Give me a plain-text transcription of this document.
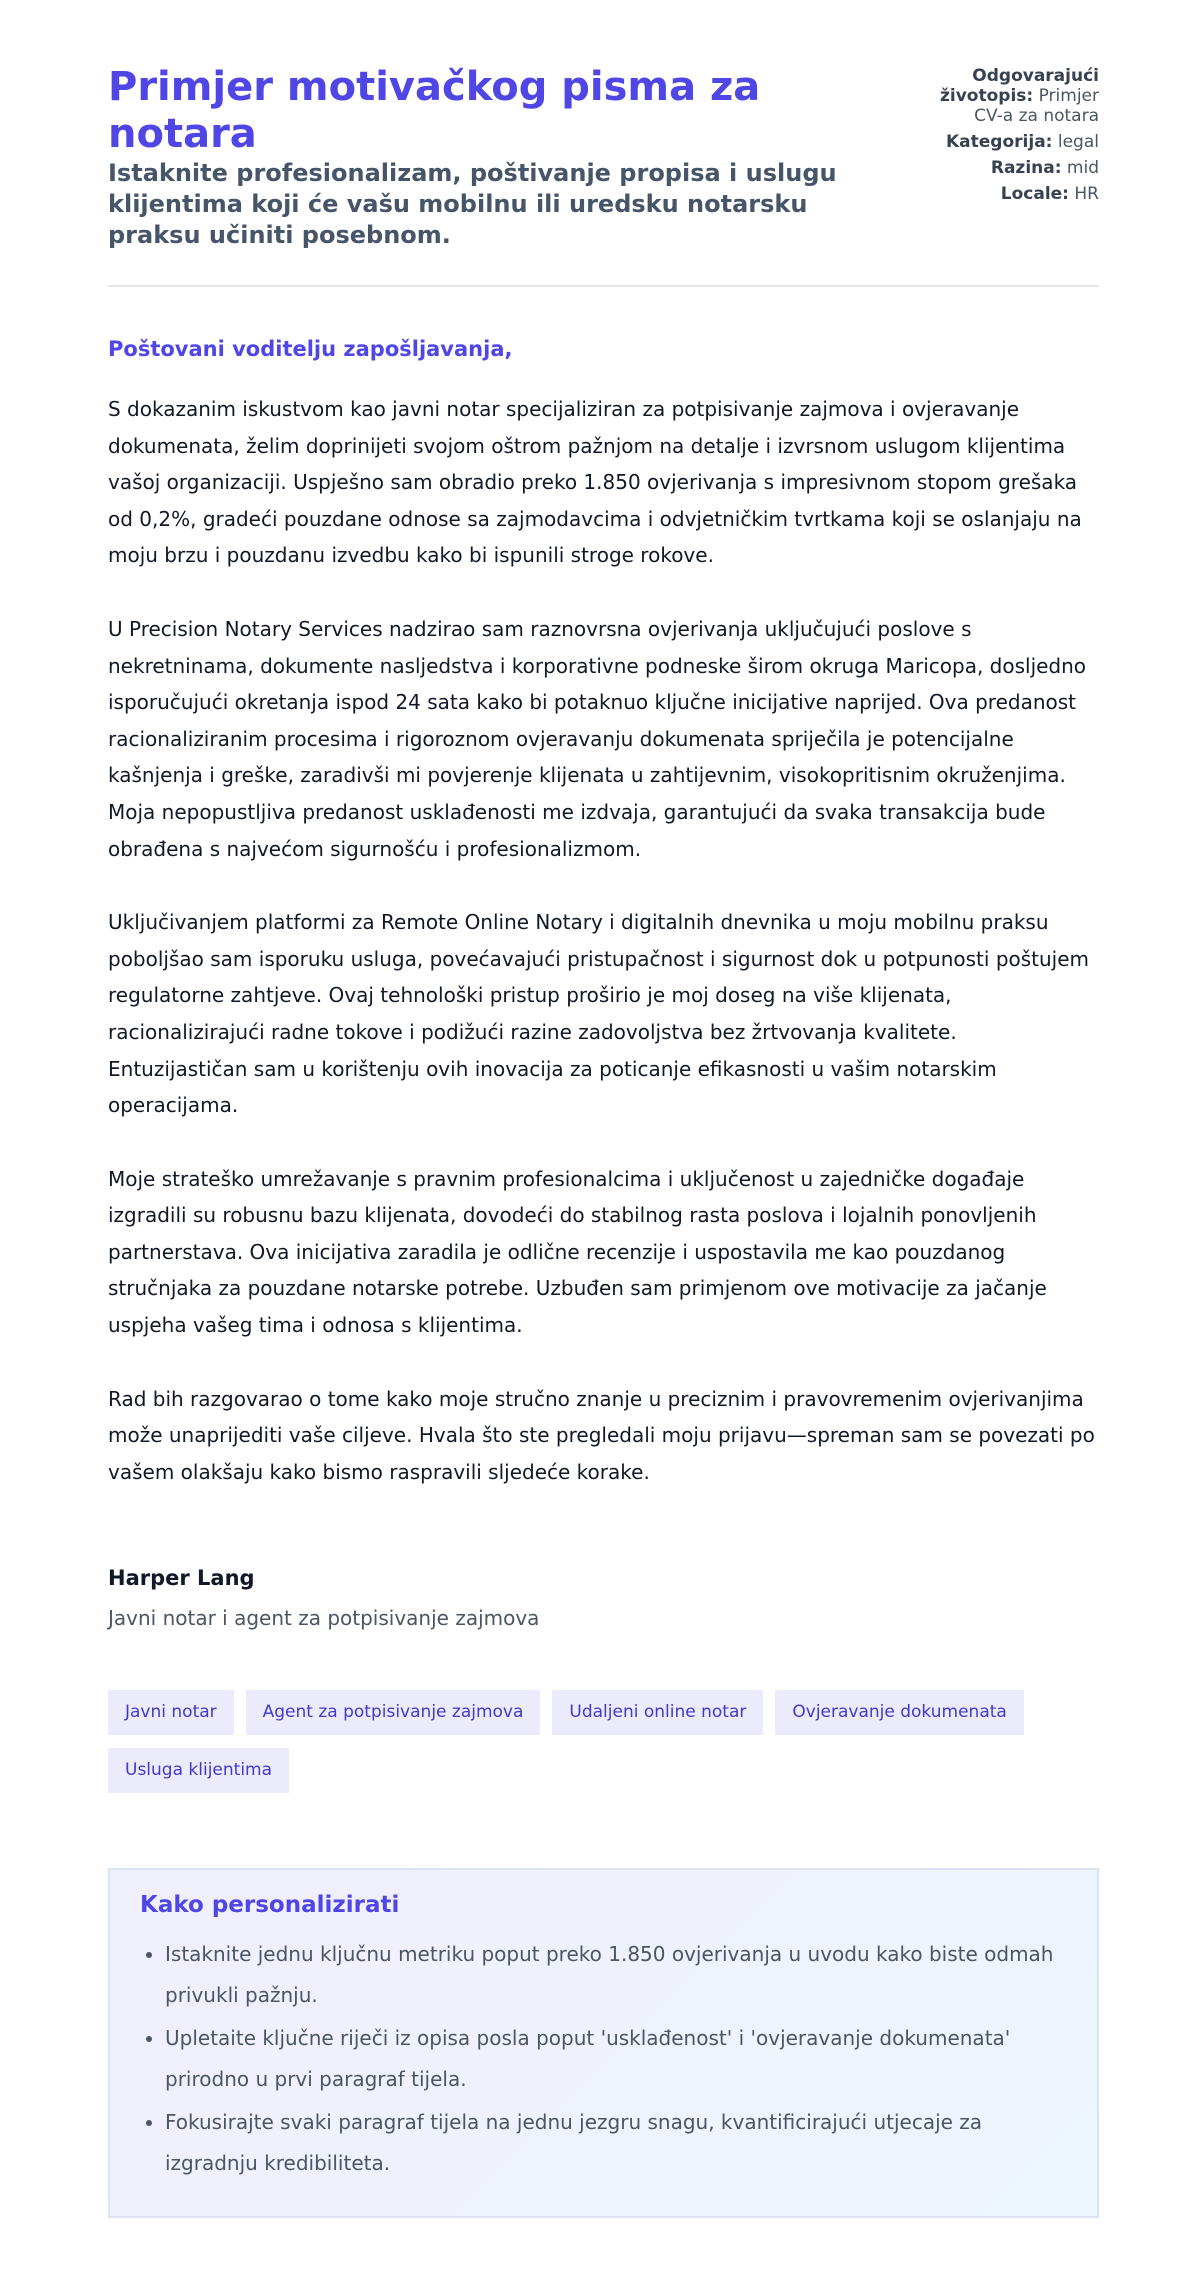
Primjer motivačkog pisma za notara
Istaknite profesionalizam, poštivanje propisa i uslugu klijentima koji će vašu mobilnu ili uredsku notarsku praksu učiniti posebnom.
Odgovarajući životopis: Primjer CV-a za notara
Kategorija: legal
Razina: mid
Locale: HR
Poštovani voditelju zapošljavanja,

S dokazanim iskustvom kao javni notar specijaliziran za potpisivanje zajmova i ovjeravanje dokumenata, želim doprinijeti svojom oštrom pažnjom na detalje i izvrsnom uslugom klijentima vašoj organizaciji. Uspješno sam obradio preko 1.850 ovjerivanja s impresivnom stopom grešaka od 0,2%, gradeći pouzdane odnose sa zajmodavcima i odvjetničkim tvrtkama koji se oslanjaju na moju brzu i pouzdanu izvedbu kako bi ispunili stroge rokove.

U Precision Notary Services nadzirao sam raznovrsna ovjerivanja uključujući poslove s nekretninama, dokumente nasljedstva i korporativne podneske širom okruga Maricopa, dosljedno isporučujući okretanja ispod 24 sata kako bi potaknuo ključne inicijative naprijed. Ova predanost racionaliziranim procesima i rigoroznom ovjeravanju dokumenata spriječila je potencijalne kašnjenja i greške, zaradivši mi povjerenje klijenata u zahtijevnim, visokopritisnim okruženjima. Moja nepopustljiva predanost usklađenosti me izdvaja, garantujući da svaka transakcija bude obrađena s najvećom sigurnošću i profesionalizmom.

Uključivanjem platformi za Remote Online Notary i digitalnih dnevnika u moju mobilnu praksu poboljšao sam isporuku usluga, povećavajući pristupačnost i sigurnost dok u potpunosti poštujem regulatorne zahtjeve. Ovaj tehnološki pristup proširio je moj doseg na više klijenata, racionalizirajući radne tokove i podižući razine zadovoljstva bez žrtvovanja kvalitete. Entuzijastičan sam u korištenju ovih inovacija za poticanje efikasnosti u vašim notarskim operacijama.

Moje strateško umrežavanje s pravnim profesionalcima i uključenost u zajedničke događaje izgradili su robusnu bazu klijenata, dovodeći do stabilnog rasta poslova i lojalnih ponovljenih partnerstava. Ova inicijativa zaradila je odlične recenzije i uspostavila me kao pouzdanog stručnjaka za pouzdane notarske potrebe. Uzbuđen sam primjenom ove motivacije za jačanje uspjeha vašeg tima i odnosa s klijentima.

Rad bih razgovarao o tome kako moje stručno znanje u preciznim i pravovremenim ovjerivanjima može unaprijediti vaše ciljeve. Hvala što ste pregledali moju prijavu—spreman sam se povezati po vašem olakšaju kako bismo raspravili sljedeće korake.

Harper Lang
Javni notar i agent za potpisivanje zajmova
Javni notar	Agent za potpisivanje zajmova	Udaljeni online notar	Ovjeravanje dokumenata
Usluga klijentima
Kako personalizirati
• Istaknite jednu ključnu metriku poput preko 1.850 ovjerivanja u uvodu kako biste odmah privukli pažnju.
• Upletaite ključne riječi iz opisa posla poput 'usklađenost' i 'ovjeravanje dokumenata' prirodno u prvi paragraf tijela.
• Fokusirajte svaki paragraf tijela na jednu jezgru snagu, kvantificirajući utjecaje za izgradnju kredibiliteta.
